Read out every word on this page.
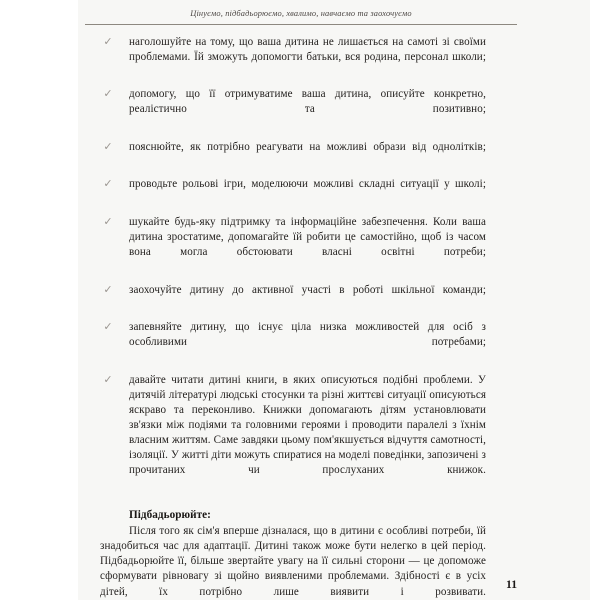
Цінуємо, підбадьорюємо, хвалимо, навчаємо та заохочуємо
✓ наголошуйте на тому, що ваша дитина не лишається на самоті зі своїми проблемами. Їй зможуть допомогти батьки, вся родина, персонал школи;
✓ допомогу, що її отримуватиме ваша дитина, описуйте конкретно, реалістично та позитивно;
✓ пояснюйте, як потрібно реагувати на можливі образи від однолітків;
✓ проводьте рольові ігри, моделюючи можливі складні ситуації у школі;
✓ шукайте будь-яку підтримку та інформаційне забезпечення. Коли ваша дитина зростатиме, допомагайте їй робити це самостійно, щоб із часом вона могла обстоювати власні освітні потреби;
✓ заохочуйте дитину до активної участі в роботі шкільної команди;
✓ запевняйте дитину, що існує ціла низка можливостей для осіб з особливими потребами;
✓ давайте читати дитині книги, в яких описуються подібні проблеми. У дитячій літературі людські стосунки та різні життєві ситуації описуються яскраво та переконливо. Книжки допомагають дітям установлювати зв'язки між подіями та головними героями і проводити паралелі з їхнім власним життям. Саме завдяки цьому пом'якшується відчуття самотності, ізоляції. У житті діти можуть спиратися на моделі поведінки, запозичені з прочитаних чи прослуханих книжок.

Підбадьорюйте:

Після того як сім'я вперше дізналася, що в дитини є особливі потреби, їй знадобиться час для адаптації. Дитині також може бути нелегко в цей період. Підбадьорюйте її, більше звертайте увагу на її сильні сторони — це допоможе сформувати рівновагу зі щойно виявленими проблемами. Здібності є в усіх дітей, їх потрібно лише виявити і розвивати.

11
